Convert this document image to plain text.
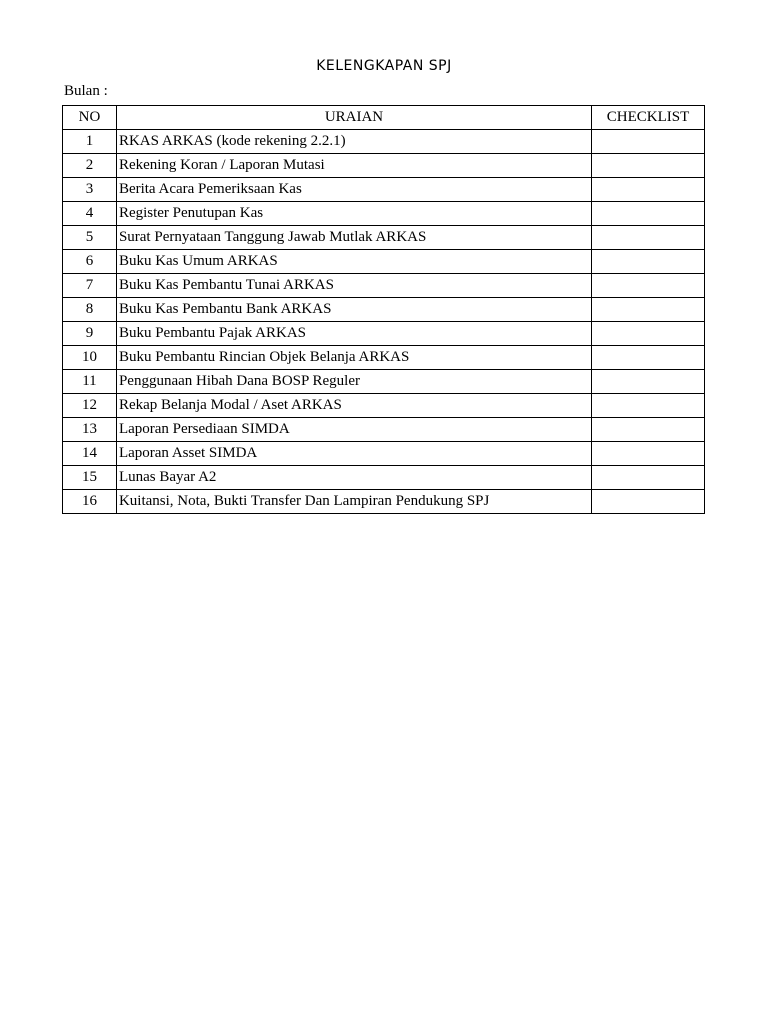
KELENGKAPAN SPJ
Bulan :
NO	URAIAN	CHECKLIST
1	RKAS ARKAS (kode rekening 2.2.1)	
2	Rekening Koran / Laporan Mutasi	
3	Berita Acara Pemeriksaan Kas	
4	Register Penutupan Kas	
5	Surat Pernyataan Tanggung Jawab Mutlak ARKAS	
6	Buku Kas Umum ARKAS	
7	Buku Kas Pembantu Tunai ARKAS	
8	Buku Kas Pembantu Bank ARKAS	
9	Buku Pembantu Pajak ARKAS	
10	Buku Pembantu Rincian Objek Belanja ARKAS	
11	Penggunaan Hibah Dana BOSP Reguler	
12	Rekap Belanja Modal / Aset ARKAS	
13	Laporan Persediaan SIMDA	
14	Laporan Asset SIMDA	
15	Lunas Bayar A2	
16	Kuitansi, Nota, Bukti Transfer Dan Lampiran Pendukung SPJ	
